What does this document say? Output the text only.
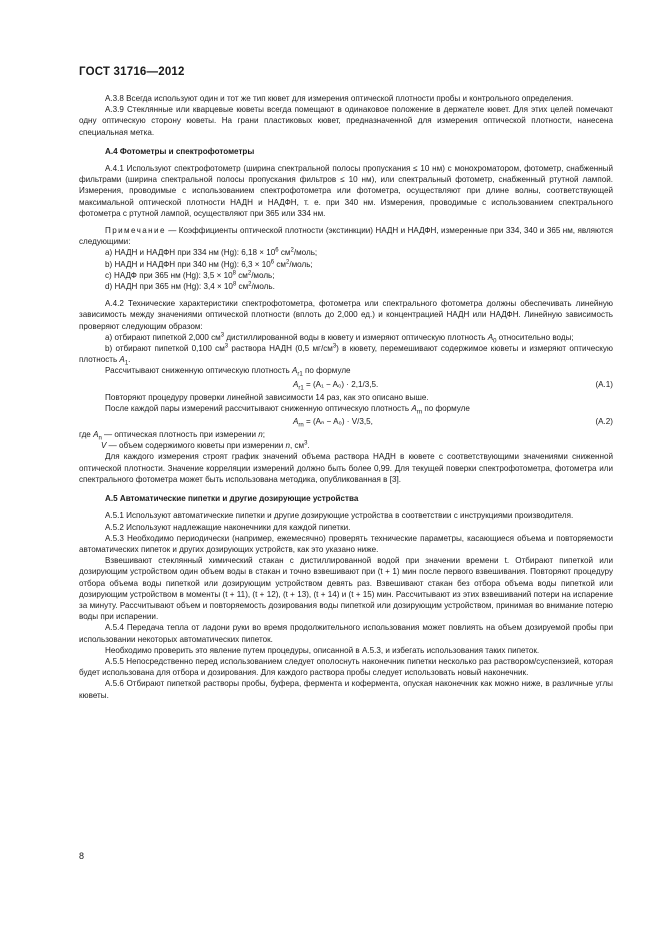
ГОСТ 31716—2012

А.3.8 Всегда используют один и тот же тип кювет для измерения оптической плотности пробы и контрольного определения.

А.3.9 Стеклянные или кварцевые кюветы всегда помещают в одинаковое положение в держателе кювет. Для этих целей помечают одну оптическую сторону кюветы. На грани пластиковых кювет, предназначенной для измерения оптической плотности, нанесена специальная метка.

А.4 Фотометры и спектрофотометры

А.4.1 Используют спектрофотометр (ширина спектральной полосы пропускания ≤ 10 нм) с монохроматором, фотометр, снабженный фильтрами (ширина спектральной полосы пропускания фильтров ≤ 10 нм), или спектральный фотометр, снабженный ртутной лампой. Измерения, проводимые с использованием спектрофотометра или фотометра, осуществляют при длине волны, соответствующей максимальной оптической плотности НАДН и НАДФН, т. е. при 340 нм. Измерения, проводимые с использованием спектрального фотометра с ртутной лампой, осуществляют при 365 или 334 нм.

Примечание — Коэффициенты оптической плотности (экстинкции) НАДН и НАДФН, измеренные при 334, 340 и 365 нм, являются следующими:

а) НАДН и НАДФН при 334 нм (Hg): $6,18 \times 10^6$ $см^2$/моль;

b) НАДН и НАДФН при 340 нм (Hg): $6,3 \times 10^6$ $см^2$/моль;

c) НАДФ при 365 нм (Hg): $3,5 \times 10^8$ $см^2$/моль;

d) НАДН при 365 нм (Hg): $3,4 \times 10^8$ $см^2$/моль.

А.4.2 Технические характеристики спектрофотометра, фотометра или спектрального фотометра должны обеспечивать линейную зависимость между значениями оптической плотности (вплоть до 2,000 ед.) и концентрацией НАДН или НАДФН. Линейную зависимость проверяют следующим образом:

а) отбирают пипеткой 2,000 $см^3$ дистиллированной воды в кювету и измеряют оптическую плотность $A_0$ относительно воды;

b) отбирают пипеткой 0,100 $см^3$ раствора НАДН (0,5 $мг/см^3$) в кювету, перемешивают содержимое кюветы и измеряют оптическую плотность $A_1$.

Рассчитывают сниженную оптическую плотность $A_{r1}$ по формуле

$A_{r1} = (A_1 - A_0) \cdot 2,1/3,5$.	(А.1)

Повторяют процедуру проверки линейной зависимости 14 раз, как это описано выше.

После каждой пары измерений рассчитывают сниженную оптическую плотность $A_{rn}$ по формуле

$A_{rn} = (A_n - A_0) \cdot V/3,5$,	(А.2)

где $A_n$ — оптическая плотность при измерении n;

V — объем содержимого кюветы при измерении n, $см^3$.

Для каждого измерения строят график значений объема раствора НАДН в кювете с соответствующими значениями сниженной оптической плотности. Значение корреляции измерений должно быть более 0,99. Для текущей поверки спектрофотометра, фотометра или спектрального фотометра может быть использована методика, опубликованная в [3].

А.5 Автоматические пипетки и другие дозирующие устройства

А.5.1 Используют автоматические пипетки и другие дозирующие устройства в соответствии с инструкциями производителя.

А.5.2 Используют надлежащие наконечники для каждой пипетки.

А.5.3 Необходимо периодически (например, ежемесячно) проверять технические параметры, касающиеся объема и повторяемости автоматических пипеток и других дозирующих устройств, как это указано ниже.

Взвешивают стеклянный химический стакан с дистиллированной водой при значении времени t. Отбирают пипеткой или дозирующим устройством один объем воды в стакан и точно взвешивают при (t + 1) мин после первого взвешивания. Повторяют процедуру отбора объема воды пипеткой или дозирующим устройством девять раз. Взвешивают стакан без отбора объема воды пипеткой или дозирующим устройством в моменты (t + 11), (t + 12), (t + 13), (t + 14) и (t + 15) мин. Рассчитывают из этих взвешиваний потери на испарение за минуту. Рассчитывают объем и повторяемость дозирования воды пипеткой или дозирующим устройством, принимая во внимание потерю воды при испарении.

А.5.4 Передача тепла от ладони руки во время продолжительного использования может повлиять на объем дозируемой пробы при использовании некоторых автоматических пипеток.

Необходимо проверить это явление путем процедуры, описанной в А.5.3, и избегать использования таких пипеток.

А.5.5 Непосредственно перед использованием следует ополоснуть наконечник пипетки несколько раз раствором/суспензией, которая будет использована для отбора и дозирования. Для каждого раствора пробы следует использовать новый наконечник.

А.5.6 Отбирают пипеткой растворы пробы, буфера, фермента и кофермента, опуская наконечник как можно ниже, в различные углы кюветы.

8
